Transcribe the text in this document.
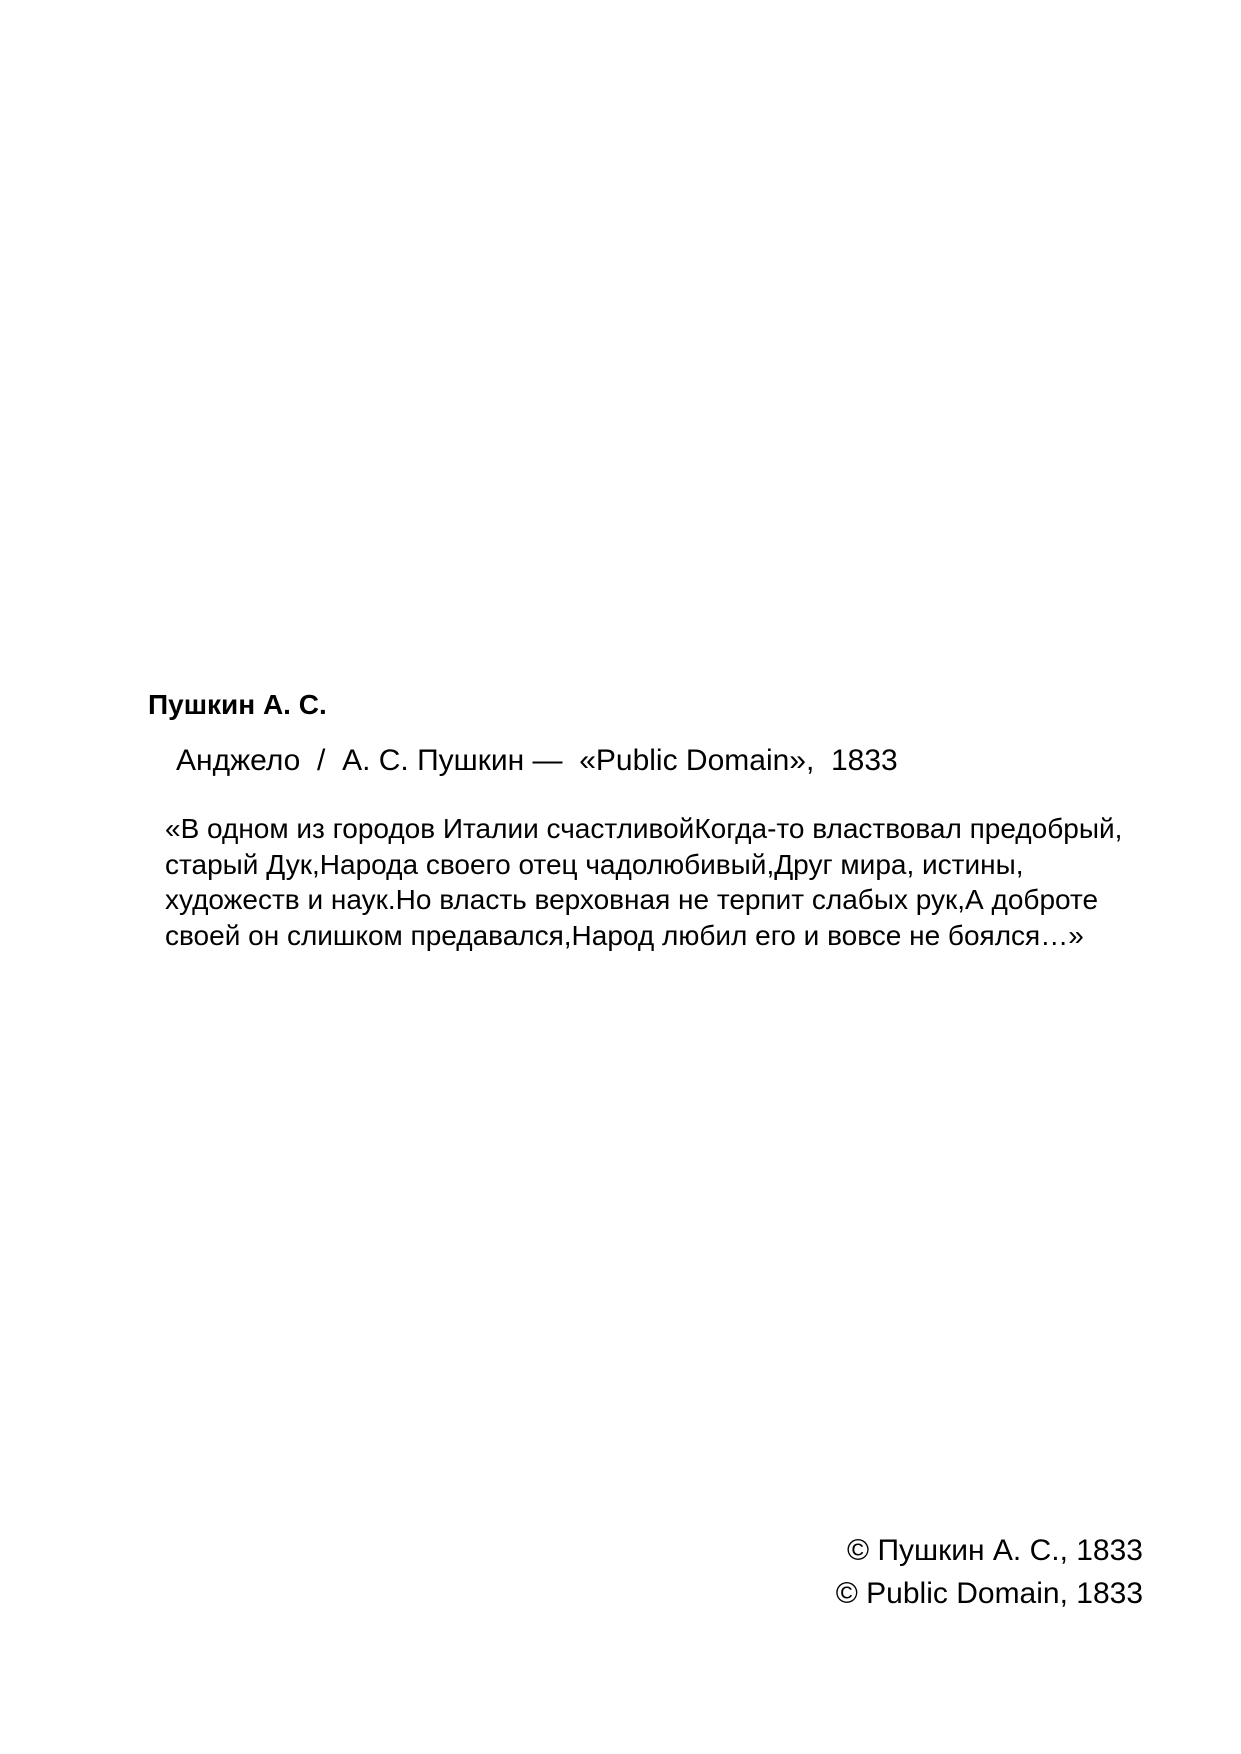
Пушкин А. С.
Анджело / А. С. Пушкин — «Public Domain», 1833
«В одном из городов Италии счастливойКогда-то властвовал предобрый, старый Дук,Народа своего отец чадолюбивый,Друг мира, истины, художеств и наук.Но власть верховная не терпит слабых рук,А доброте своей он слишком предавался,Народ любил его и вовсе не боялся…»
© Пушкин А. С., 1833
© Public Domain, 1833
